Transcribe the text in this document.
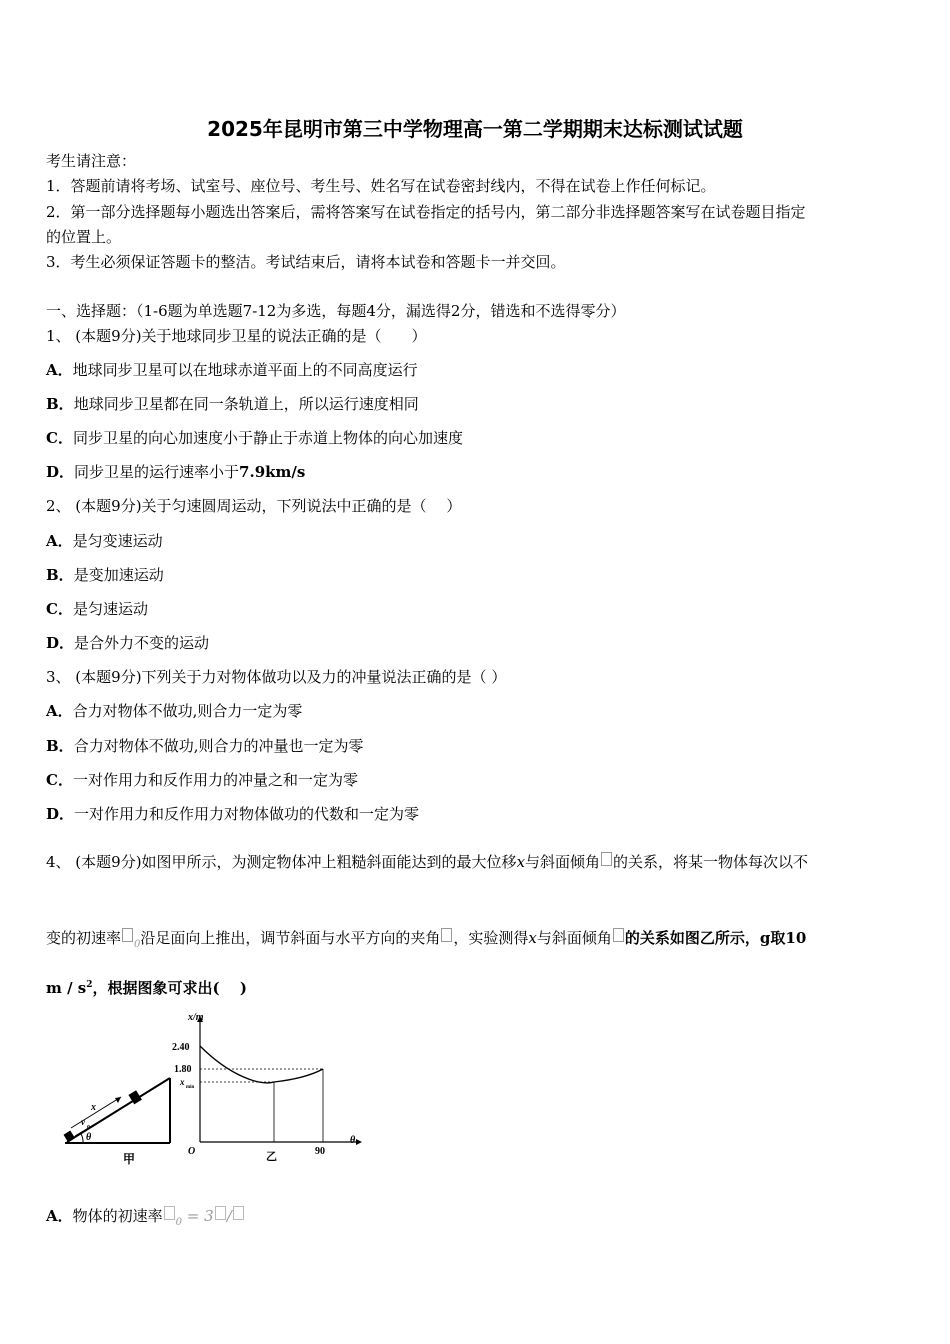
2025年昆明市第三中学物理高一第二学期期末达标测试试题
考生请注意：
1．答题前请将考场、试室号、座位号、考生号、姓名写在试卷密封线内，不得在试卷上作任何标记。
2．第一部分选择题每小题选出答案后，需将答案写在试卷指定的括号内，第二部分非选择题答案写在试卷题目指定
的位置上。
3．考生必须保证答题卡的整洁。考试结束后，请将本试卷和答题卡一并交回。
一、选择题：（1-6题为单选题7-12为多选，每题4分，漏选得2分，错选和不选得零分）
1、 (本题9分)关于地球同步卫星的说法正确的是（　　）
A．地球同步卫星可以在地球赤道平面上的不同高度运行
B．地球同步卫星都在同一条轨道上，所以运行速度相同
C．同步卫星的向心加速度小于静止于赤道上物体的向心加速度
D．同步卫星的运行速率小于7.9km/s
2、 (本题9分)关于匀速圆周运动，下列说法中正确的是（　 ）
A．是匀变速运动
B．是变加速运动
C．是匀速运动
D．是合外力不变的运动
3、 (本题9分)下列关于力对物体做功以及力的冲量说法正确的是（ ）
A．合力对物体不做功,则合力一定为零
B．合力对物体不做功,则合力的冲量也一定为零
C．一对作用力和反作用力的冲量之和一定为零
D．一对作用力和反作用力对物体做功的代数和一定为零
4、 (本题9分)如图甲所示，为测定物体冲上粗糙斜面能达到的最大位移x与斜面倾角 的关系，将某一物体每次以不
变的初速率 $_0$沿足面向上推出，调节斜面与水平方向的夹角 ，实验测得x与斜面倾角 的关系如图乙所示，g取10
m / $s^2$，根据图象可求出(　 )
x
v
0
θ
甲
x/m
θ
O
2.40
1.80
x
min
90
乙
A．物体的初速率 $_0$ = 3 /
